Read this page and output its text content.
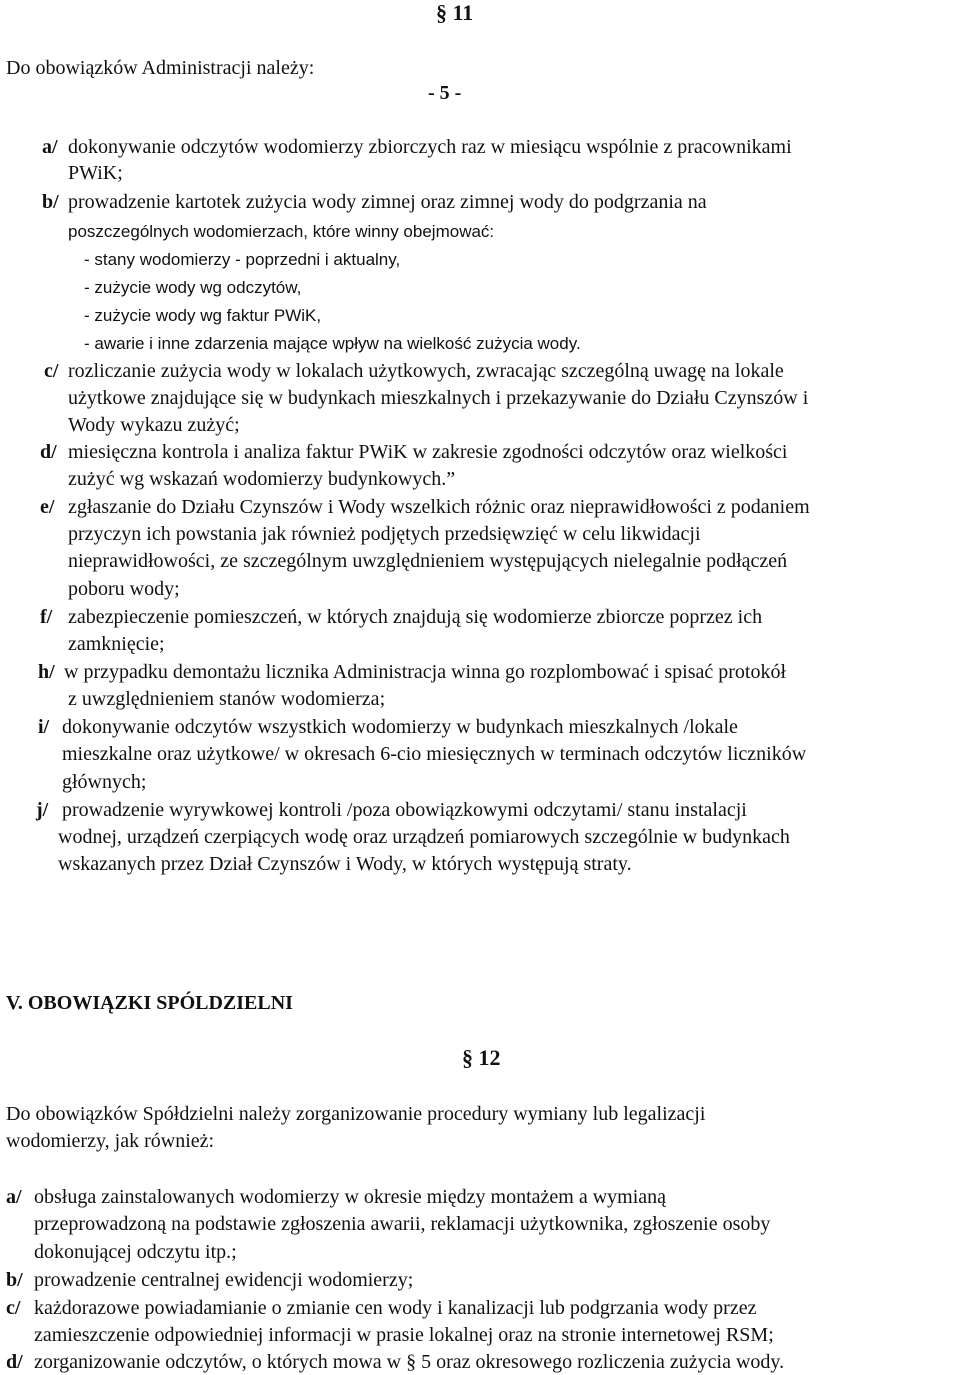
§ 11
Do obowiązków Administracji należy:
- 5 -
a/ dokonywanie odczytów wodomierzy zbiorczych raz w miesiącu wspólnie z pracownikami
PWiK;
b/ prowadzenie kartotek zużycia wody zimnej oraz zimnej wody do podgrzania na
poszczególnych wodomierzach, które winny obejmować:
- stany wodomierzy - poprzedni i aktualny,
- zużycie wody wg odczytów,
- zużycie wody wg faktur PWiK,
- awarie i inne zdarzenia mające wpływ na wielkość zużycia wody.
c/ rozliczanie zużycia wody w lokalach użytkowych, zwracając szczególną uwagę na lokale
użytkowe znajdujące się w budynkach mieszkalnych i przekazywanie do Działu Czynszów i
Wody wykazu zużyć;
d/ miesięczna kontrola i analiza faktur PWiK w zakresie zgodności odczytów oraz wielkości
zużyć wg wskazań wodomierzy budynkowych.”
e/ zgłaszanie do Działu Czynszów i Wody wszelkich różnic oraz nieprawidłowości z podaniem
przyczyn ich powstania jak również podjętych przedsięwzięć w celu likwidacji
nieprawidłowości, ze szczególnym uwzględnieniem występujących nielegalnie podłączeń
poboru wody;
f/ zabezpieczenie pomieszczeń, w których znajdują się wodomierze zbiorcze poprzez ich
zamknięcie;
h/ w przypadku demontażu licznika Administracja winna go rozplombować i spisać protokół
z uwzględnieniem stanów wodomierza;
i/ dokonywanie odczytów wszystkich wodomierzy w budynkach mieszkalnych /lokale
mieszkalne oraz użytkowe/ w okresach 6-cio miesięcznych w terminach odczytów liczników
głównych;
j/ prowadzenie wyrywkowej kontroli /poza obowiązkowymi odczytami/ stanu instalacji
wodnej, urządzeń czerpiących wodę oraz urządzeń pomiarowych szczególnie w budynkach
wskazanych przez Dział Czynszów i Wody, w których występują straty.
V. OBOWIĄZKI SPÓLDZIELNI
§ 12
Do obowiązków Spółdzielni należy zorganizowanie procedury wymiany lub legalizacji
wodomierzy, jak również:
a/ obsługa zainstalowanych wodomierzy w okresie między montażem a wymianą
przeprowadzoną na podstawie zgłoszenia awarii, reklamacji użytkownika, zgłoszenie osoby
dokonującej odczytu itp.;
b/ prowadzenie centralnej ewidencji wodomierzy;
c/ każdorazowe powiadamianie o zmianie cen wody i kanalizacji lub podgrzania wody przez
zamieszczenie odpowiedniej informacji w prasie lokalnej oraz na stronie internetowej RSM;
d/ zorganizowanie odczytów, o których mowa w § 5 oraz okresowego rozliczenia zużycia wody.
